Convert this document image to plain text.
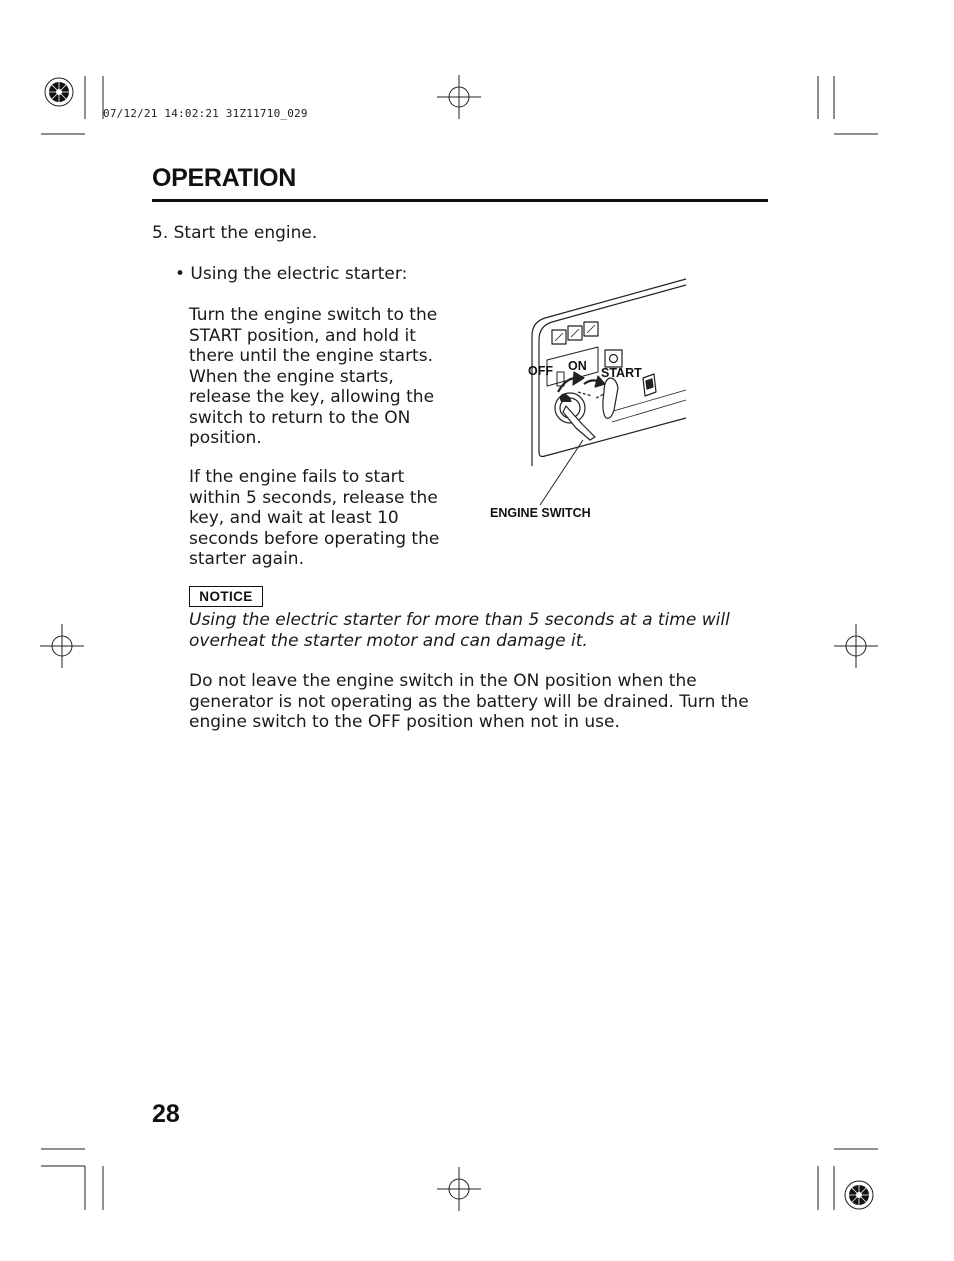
07/12/21 14:02:21 31Z11710_029
OPERATION
5. Start the engine.
• Using the electric starter:

Turn the engine switch to the START position, and hold it there until the engine starts. When the engine starts, release the key, allowing the switch to return to the ON position.

If the engine fails to start within 5 seconds, release the key, and wait at least 10 seconds before operating the starter again.

OFF ON START
ENGINE SWITCH
NOTICE
Using the electric starter for more than 5 seconds at a time will overheat the starter motor and can damage it.
Do not leave the engine switch in the ON position when the generator is not operating as the battery will be drained. Turn the engine switch to the OFF position when not in use.
28
